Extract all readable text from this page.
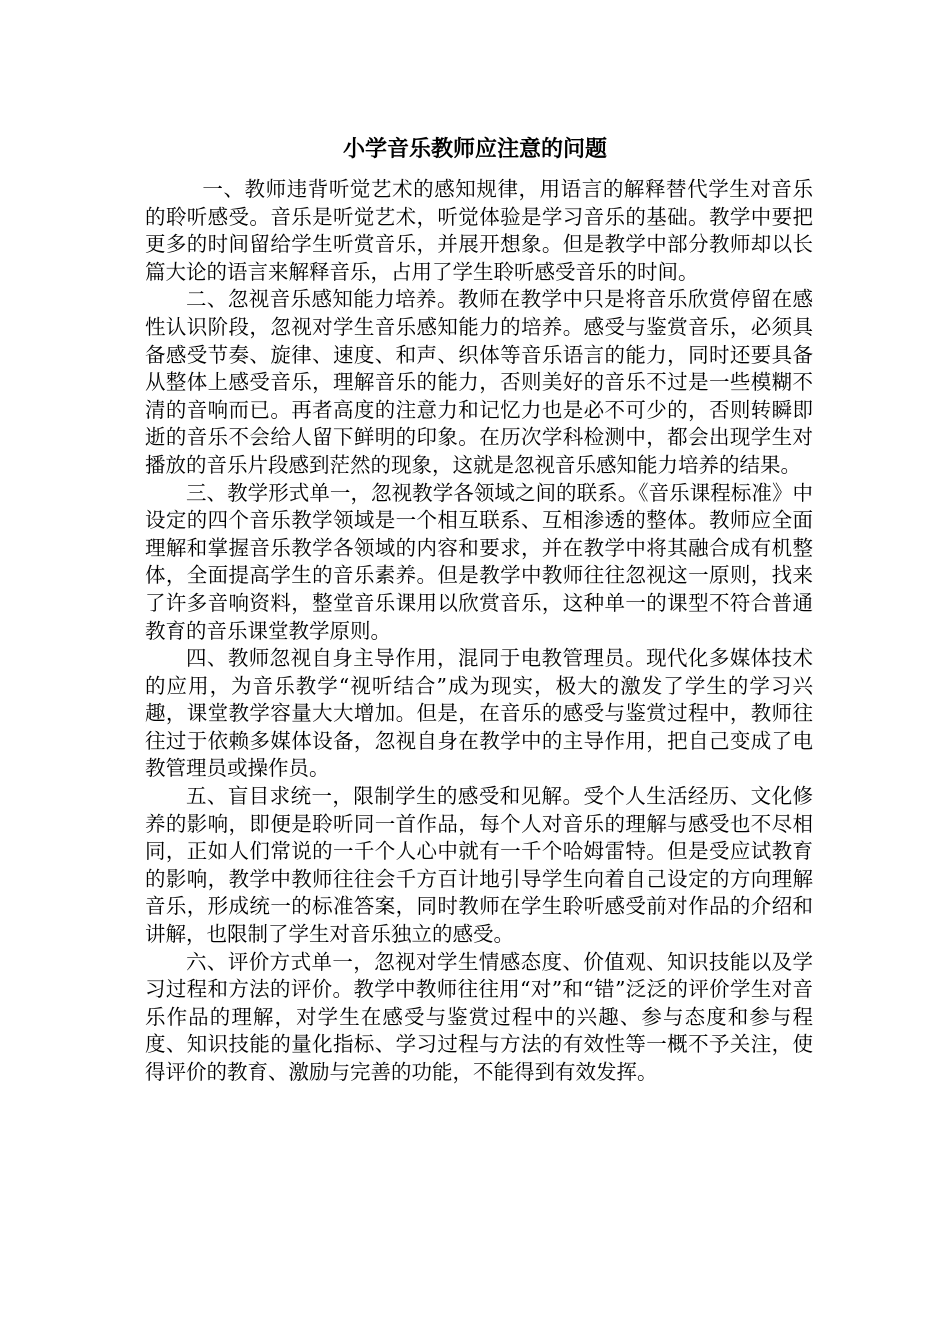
小学音乐教师应注意的问题

一、教师违背听觉艺术的感知规律，用语言的解释替代学生对音乐的聆听感受。音乐是听觉艺术，听觉体验是学习音乐的基础。教学中要把更多的时间留给学生听赏音乐，并展开想象。但是教学中部分教师却以长篇大论的语言来解释音乐，占用了学生聆听感受音乐的时间。

二、忽视音乐感知能力培养。教师在教学中只是将音乐欣赏停留在感性认识阶段，忽视对学生音乐感知能力的培养。感受与鉴赏音乐，必须具备感受节奏、旋律、速度、和声、织体等音乐语言的能力，同时还要具备从整体上感受音乐，理解音乐的能力，否则美好的音乐不过是一些模糊不清的音响而已。再者高度的注意力和记忆力也是必不可少的，否则转瞬即逝的音乐不会给人留下鲜明的印象。在历次学科检测中，都会出现学生对播放的音乐片段感到茫然的现象，这就是忽视音乐感知能力培养的结果。

三、教学形式单一，忽视教学各领域之间的联系。《音乐课程标准》中设定的四个音乐教学领域是一个相互联系、互相渗透的整体。教师应全面理解和掌握音乐教学各领域的内容和要求，并在教学中将其融合成有机整体，全面提高学生的音乐素养。但是教学中教师往往忽视这一原则，找来了许多音响资料，整堂音乐课用以欣赏音乐，这种单一的课型不符合普通教育的音乐课堂教学原则。

四、教师忽视自身主导作用，混同于电教管理员。现代化多媒体技术的应用，为音乐教学“视听结合”成为现实，极大的激发了学生的学习兴趣，课堂教学容量大大增加。但是，在音乐的感受与鉴赏过程中，教师往往过于依赖多媒体设备，忽视自身在教学中的主导作用，把自己变成了电教管理员或操作员。

五、盲目求统一，限制学生的感受和见解。受个人生活经历、文化修养的影响，即便是聆听同一首作品，每个人对音乐的理解与感受也不尽相同，正如人们常说的一千个人心中就有一千个哈姆雷特。但是受应试教育的影响，教学中教师往往会千方百计地引导学生向着自己设定的方向理解音乐，形成统一的标准答案，同时教师在学生聆听感受前对作品的介绍和讲解，也限制了学生对音乐独立的感受。

六、评价方式单一，忽视对学生情感态度、价值观、知识技能以及学习过程和方法的评价。教学中教师往往用“对”和“错”泛泛的评价学生对音乐作品的理解，对学生在感受与鉴赏过程中的兴趣、参与态度和参与程度、知识技能的量化指标、学习过程与方法的有效性等一概不予关注，使得评价的教育、激励与完善的功能，不能得到有效发挥。
